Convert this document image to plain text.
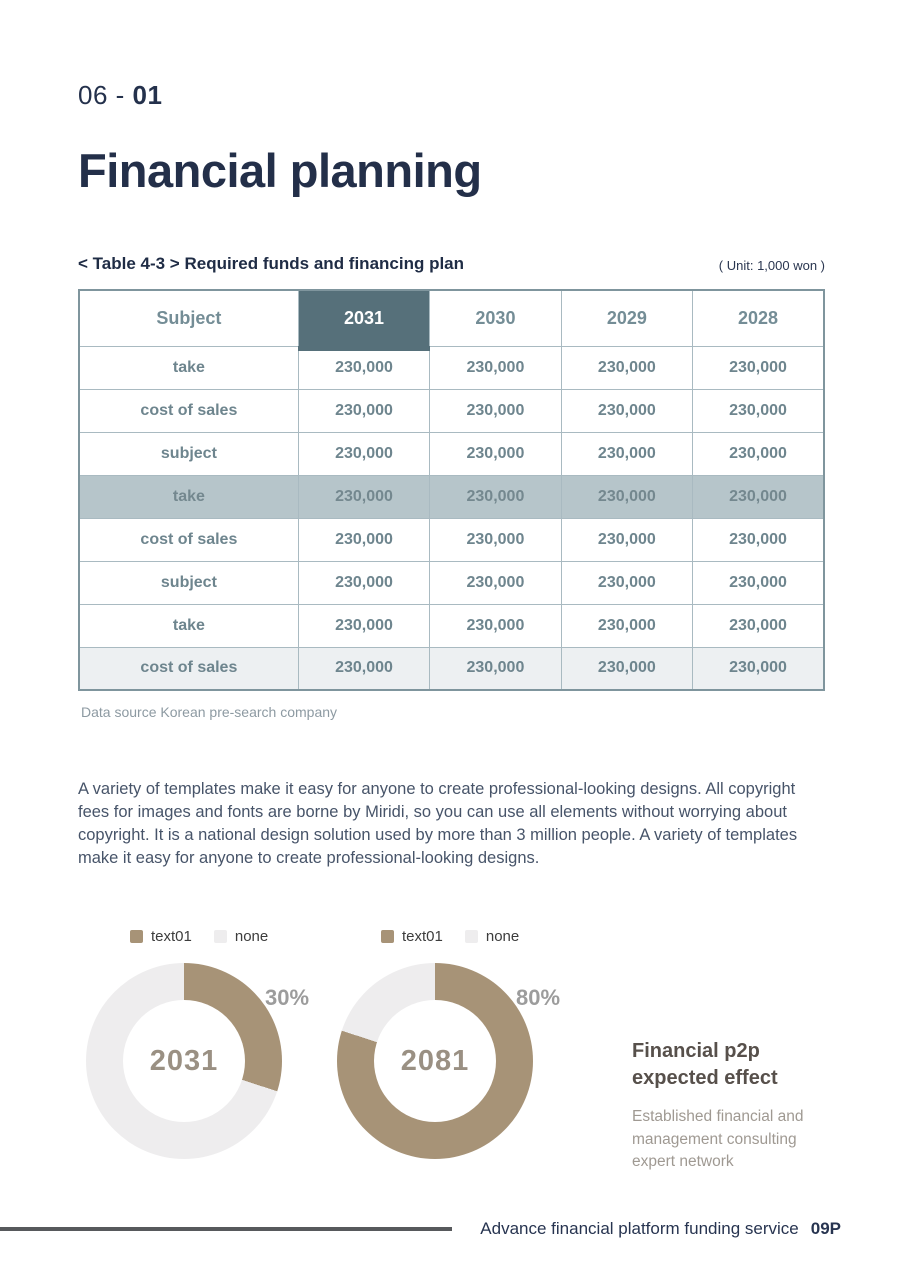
06 - 01
Financial planning
< Table 4-3 > Required funds and financing plan	( Unit: 1,000 won )
Subject	2031	2030	2029	2028
take	230,000	230,000	230,000	230,000
cost of sales	230,000	230,000	230,000	230,000
subject	230,000	230,000	230,000	230,000
take	230,000	230,000	230,000	230,000
cost of sales	230,000	230,000	230,000	230,000
subject	230,000	230,000	230,000	230,000
take	230,000	230,000	230,000	230,000
cost of sales	230,000	230,000	230,000	230,000
Data source Korean pre-search company

A variety of templates make it easy for anyone to create professional-looking designs. All copyright fees for images and fonts are borne by Miridi, so you can use all elements without worrying about copyright. It is a national design solution used by more than 3 million people. A variety of templates make it easy for anyone to create professional-looking designs.

text01	none
2031
30%
text01	none
2081
80%
Financial p2p expected effect
Established financial and management consulting expert network
Advance financial platform funding service 09P
